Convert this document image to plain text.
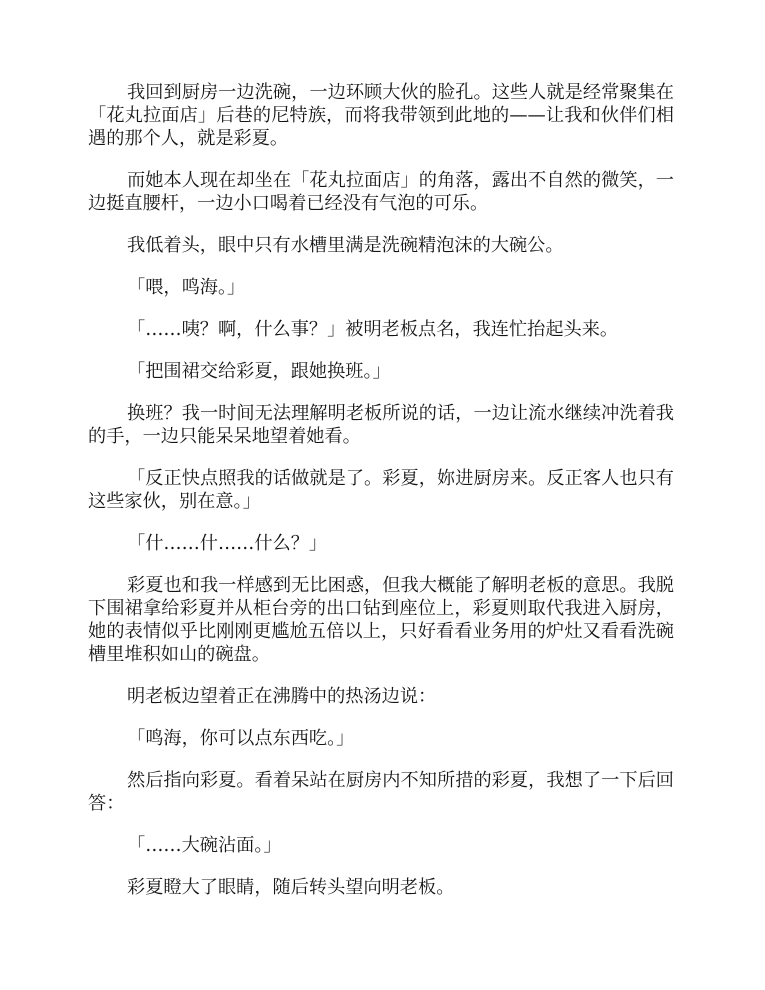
我回到厨房一边洗碗，一边环顾大伙的脸孔。这些人就是经常聚集在「花丸拉面店」后巷的尼特族，而将我带领到此地的——让我和伙伴们相遇的那个人，就是彩夏。

而她本人现在却坐在「花丸拉面店」的角落，露出不自然的微笑，一边挺直腰杆，一边小口喝着已经没有气泡的可乐。

我低着头，眼中只有水槽里满是洗碗精泡沫的大碗公。

「喂，鸣海。」

「……咦？啊，什么事？」被明老板点名，我连忙抬起头来。

「把围裙交给彩夏，跟她换班。」

换班？我一时间无法理解明老板所说的话，一边让流水继续冲洗着我的手，一边只能呆呆地望着她看。

「反正快点照我的话做就是了。彩夏，妳进厨房来。反正客人也只有这些家伙，别在意。」

「什……什……什么？」

彩夏也和我一样感到无比困惑，但我大概能了解明老板的意思。我脱下围裙拿给彩夏并从柜台旁的出口钻到座位上，彩夏则取代我进入厨房，她的表情似乎比刚刚更尴尬五倍以上，只好看看业务用的炉灶又看看洗碗槽里堆积如山的碗盘。

明老板边望着正在沸腾中的热汤边说：

「鸣海，你可以点东西吃。」

然后指向彩夏。看着呆站在厨房内不知所措的彩夏，我想了一下后回答：

「……大碗沾面。」

彩夏瞪大了眼睛，随后转头望向明老板。
